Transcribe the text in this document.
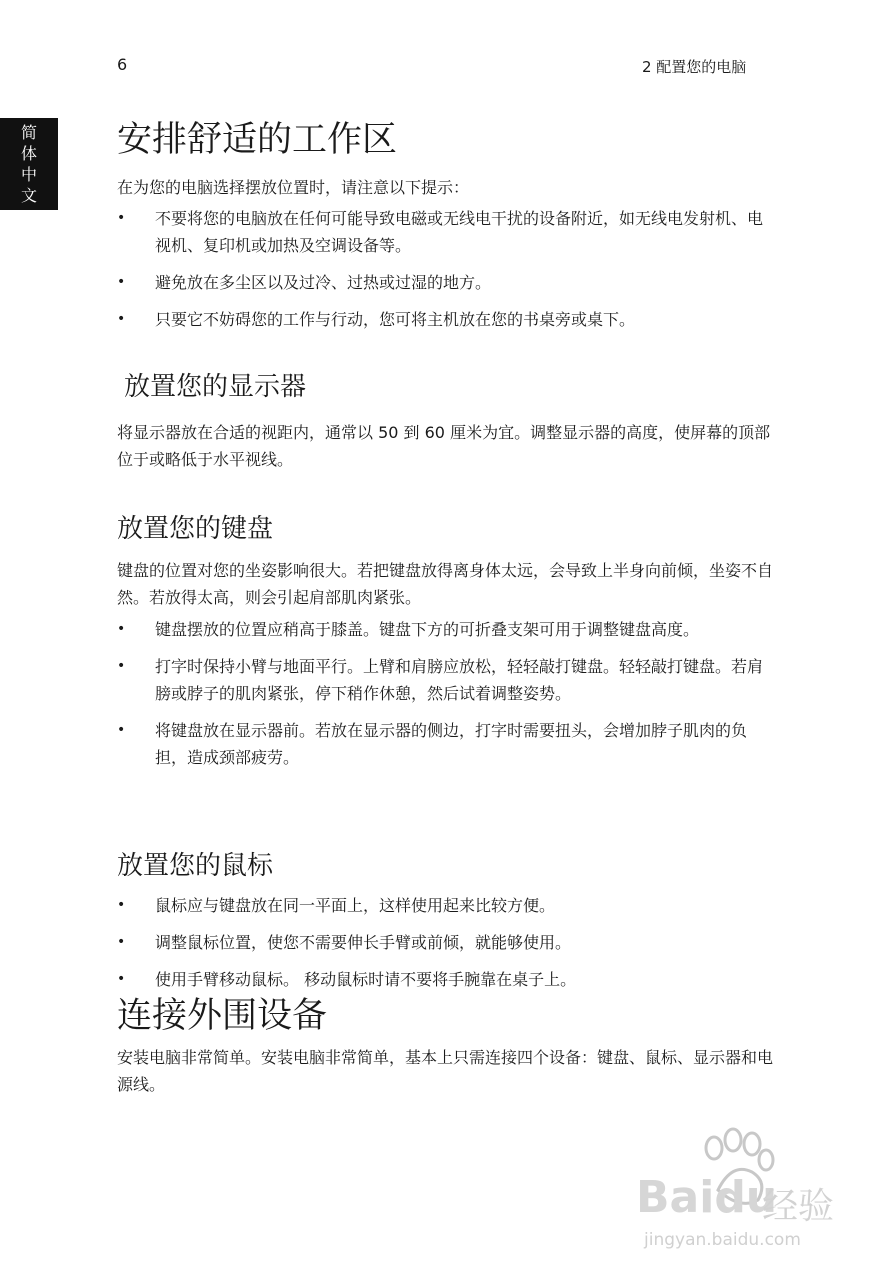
6	2 配置您的电脑
简
体
中
文
安排舒适的工作区
在为您的电脑选择摆放位置时，请注意以下提示：
• 不要将您的电脑放在任何可能导致电磁或无线电干扰的设备附近，如无线电发射机、电视机、复印机或加热及空调设备等。
• 避免放在多尘区以及过冷、过热或过湿的地方。
• 只要它不妨碍您的工作与行动，您可将主机放在您的书桌旁或桌下。
放置您的显示器
将显示器放在合适的视距内，通常以 50 到 60 厘米为宜。调整显示器的高度，使屏幕的顶部位于或略低于水平视线。
放置您的键盘
键盘的位置对您的坐姿影响很大。若把键盘放得离身体太远，会导致上半身向前倾，坐姿不自然。若放得太高，则会引起肩部肌肉紧张。
• 键盘摆放的位置应稍高于膝盖。键盘下方的可折叠支架可用于调整键盘高度。
• 打字时保持小臂与地面平行。上臂和肩膀应放松，轻轻敲打键盘。轻轻敲打键盘。若肩膀或脖子的肌肉紧张，停下稍作休憩，然后试着调整姿势。
• 将键盘放在显示器前。若放在显示器的侧边，打字时需要扭头，会增加脖子肌肉的负担，造成颈部疲劳。
放置您的鼠标
• 鼠标应与键盘放在同一平面上，这样使用起来比较方便。
• 调整鼠标位置，使您不需要伸长手臂或前倾，就能够使用。
• 使用手臂移动鼠标。 移动鼠标时请不要将手腕靠在桌子上。
连接外围设备
安装电脑非常简单。安装电脑非常简单，基本上只需连接四个设备：键盘、鼠标、显示器和电源线。
Baidu
经验
jingyan.baidu.com
